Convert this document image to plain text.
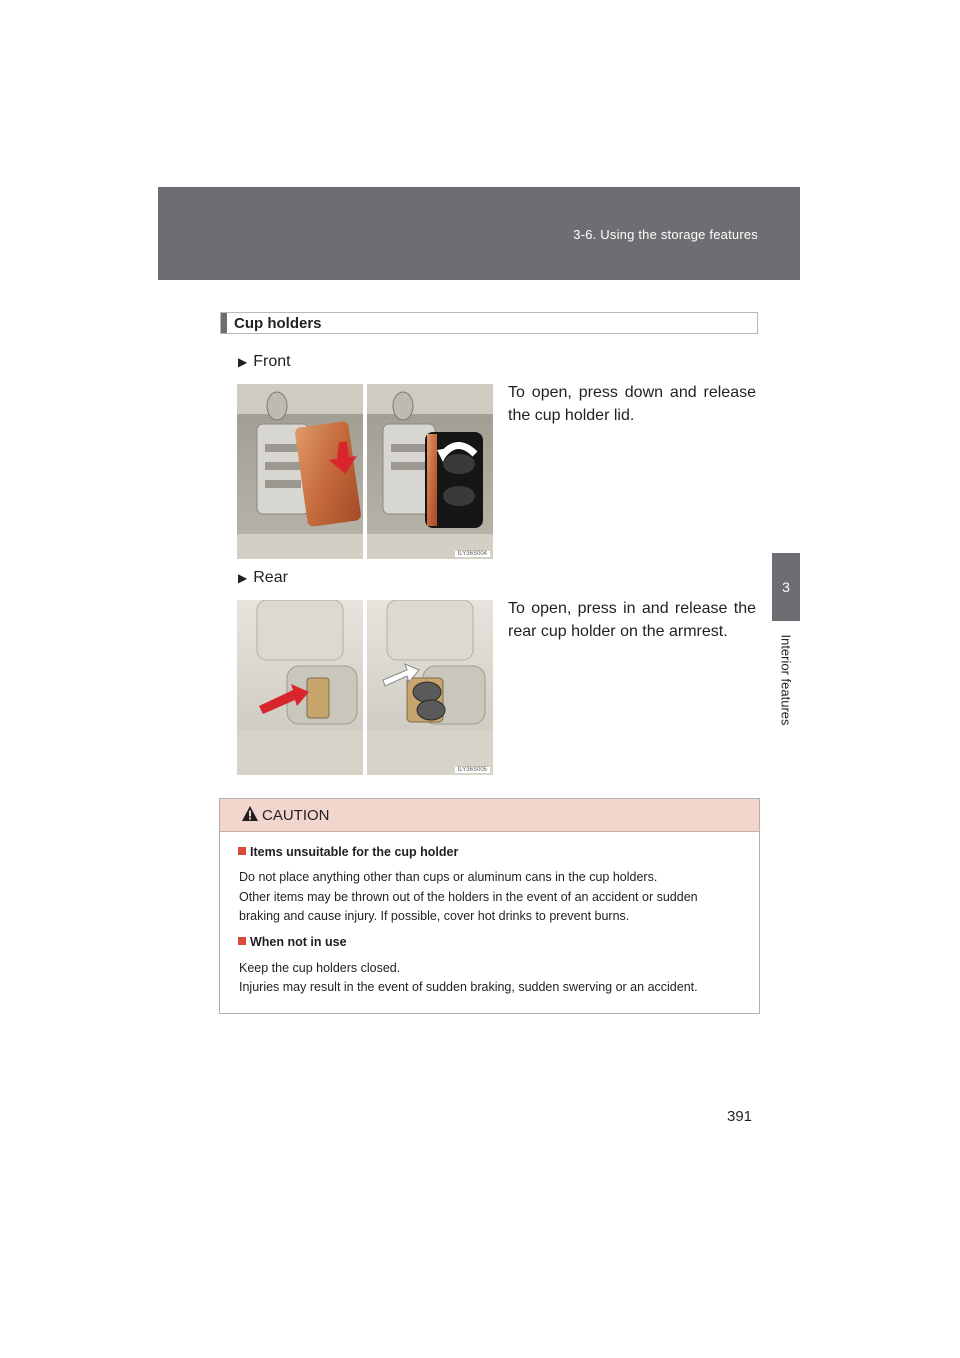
3-6. Using the storage features
3
Interior features
Cup holders
▶ Front
To open, press down and release the cup holder lid.
ILY36S004
▶ Rear
To open, press in and release the rear cup holder on the armrest.
ILY36S005
CAUTION
Items unsuitable for the cup holder
Do not place anything other than cups or aluminum cans in the cup holders.
Other items may be thrown out of the holders in the event of an accident or sudden
braking and cause injury. If possible, cover hot drinks to prevent burns.
When not in use
Keep the cup holders closed.
Injuries may result in the event of sudden braking, sudden swerving or an accident.
391
